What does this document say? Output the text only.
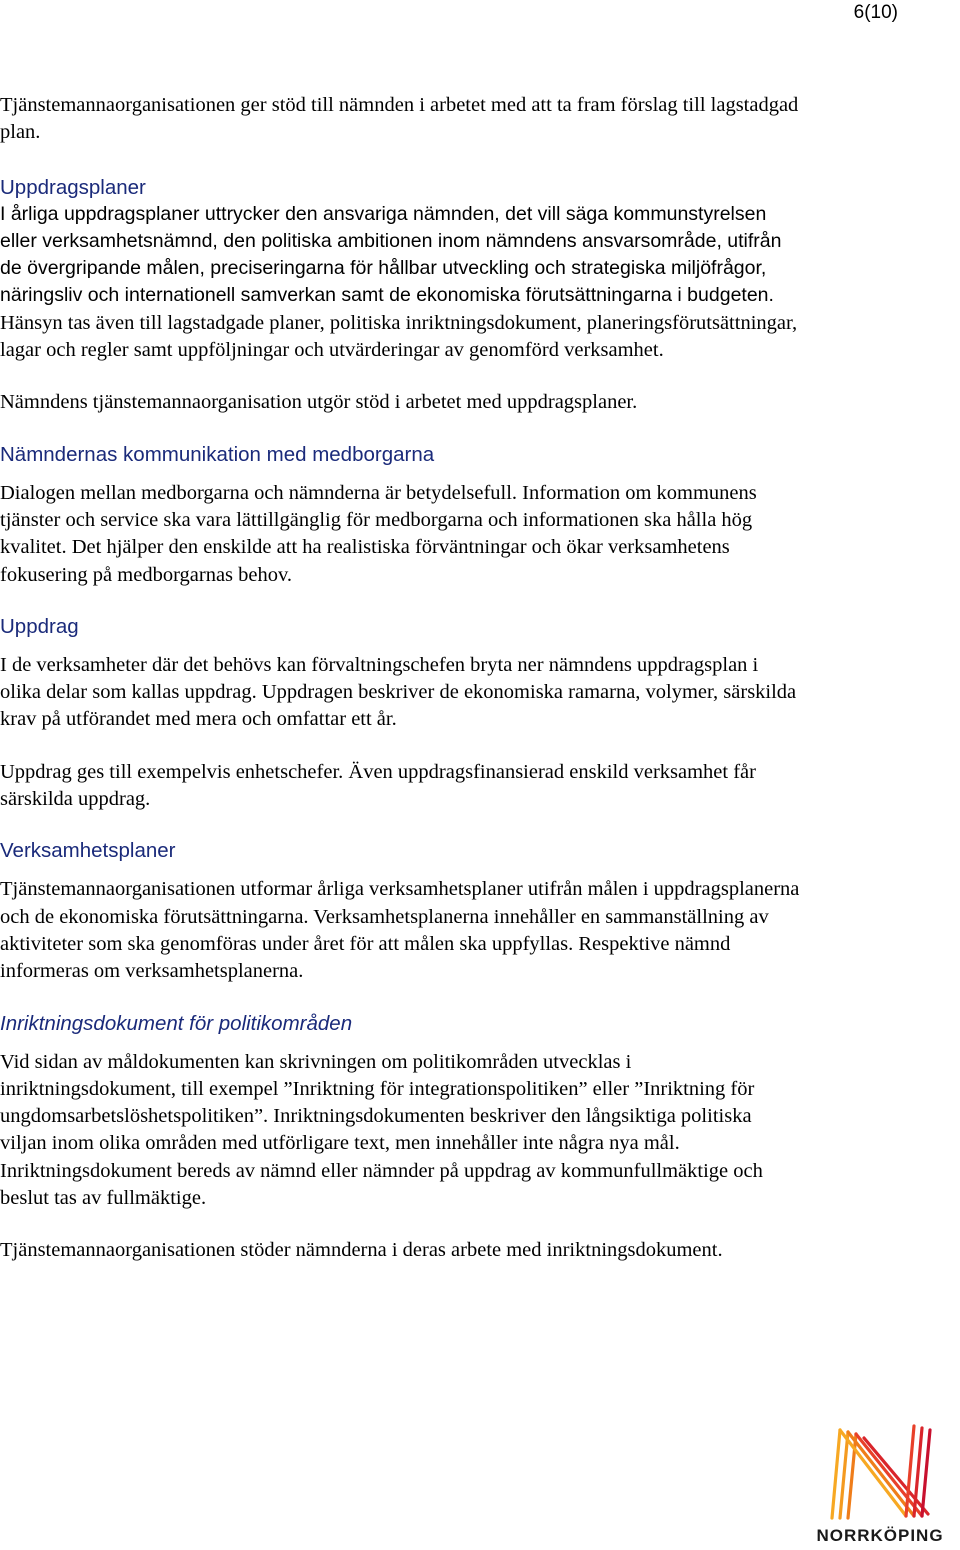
6(10)

Tjänstemannaorganisationen ger stöd till nämnden i arbetet med att ta fram förslag till lagstadgad plan.

Uppdragsplaner

I årliga uppdragsplaner uttrycker den ansvariga nämnden, det vill säga kommunstyrelsen eller verksamhetsnämnd, den politiska ambitionen inom nämndens ansvarsområde, utifrån de övergripande målen, preciseringarna för hållbar utveckling och strategiska miljöfrågor, näringsliv och internationell samverkan samt de ekonomiska förutsättningarna i budgeten. Hänsyn tas även till lagstadgade planer, politiska inriktningsdokument, planeringsförutsättningar, lagar och regler samt uppföljningar och utvärderingar av genomförd verksamhet.

Nämndens tjänstemannaorganisation utgör stöd i arbetet med uppdragsplaner.

Nämndernas kommunikation med medborgarna

Dialogen mellan medborgarna och nämnderna är betydelsefull. Information om kommunens tjänster och service ska vara lättillgänglig för medborgarna och informationen ska hålla hög kvalitet. Det hjälper den enskilde att ha realistiska förväntningar och ökar verksamhetens fokusering på medborgarnas behov.

Uppdrag

I de verksamheter där det behövs kan förvaltningschefen bryta ner nämndens uppdragsplan i olika delar som kallas uppdrag. Uppdragen beskriver de ekonomiska ramarna, volymer, särskilda krav på utförandet med mera och omfattar ett år.

Uppdrag ges till exempelvis enhetschefer. Även uppdragsfinansierad enskild verksamhet får särskilda uppdrag.

Verksamhetsplaner

Tjänstemannaorganisationen utformar årliga verksamhetsplaner utifrån målen i uppdragsplanerna och de ekonomiska förutsättningarna. Verksamhetsplanerna innehåller en sammanställning av aktiviteter som ska genomföras under året för att målen ska uppfyllas. Respektive nämnd informeras om verksamhetsplanerna.

Inriktningsdokument för politikområden

Vid sidan av måldokumenten kan skrivningen om politikområden utvecklas i inriktningsdokument, till exempel ”Inriktning för integrationspolitiken” eller ”Inriktning för ungdomsarbetslöshetspolitiken”. Inriktningsdokumenten beskriver den långsiktiga politiska viljan inom olika områden med utförligare text, men innehåller inte några nya mål. Inriktningsdokument bereds av nämnd eller nämnder på uppdrag av kommunfullmäktige och beslut tas av fullmäktige.

Tjänstemannaorganisationen stöder nämnderna i deras arbete med inriktningsdokument.

NORRKÖPING
